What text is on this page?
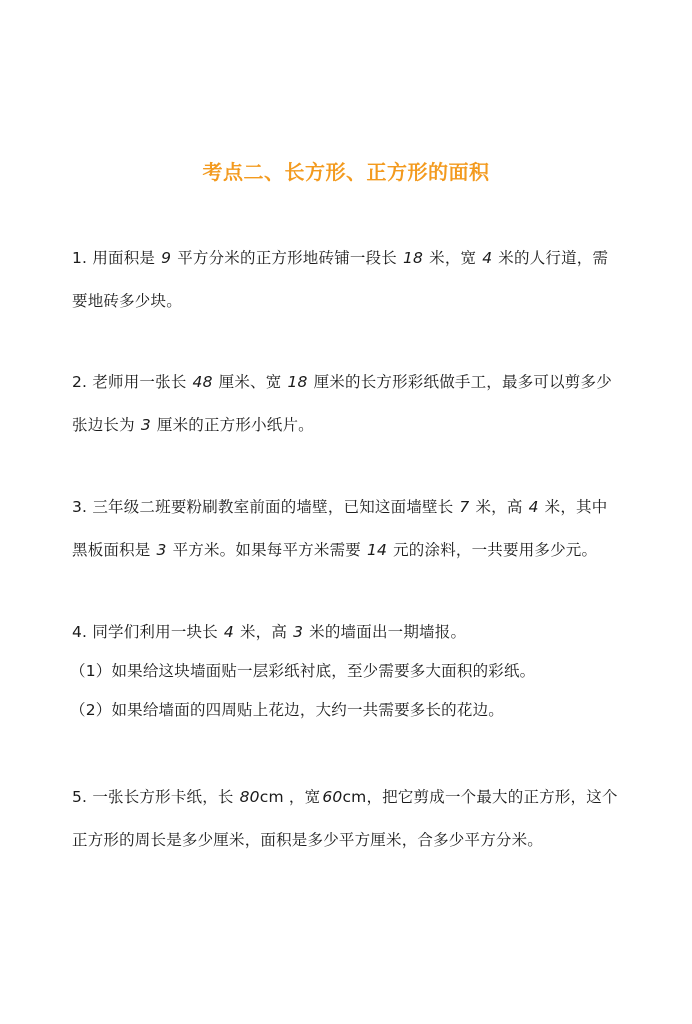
考点二、长方形、正方形的面积
1. 用面积是 9 平方分米的正方形地砖铺一段长 18 米，宽 4 米的人行道，需
要地砖多少块。
2. 老师用一张长 48 厘米、宽 18 厘米的长方形彩纸做手工，最多可以剪多少
张边长为 3 厘米的正方形小纸片。
3. 三年级二班要粉刷教室前面的墙壁，已知这面墙壁长 7 米，高 4 米，其中
黑板面积是 3 平方米。如果每平方米需要 14 元的涂料，一共要用多少元。
4. 同学们利用一块长 4 米，高 3 米的墙面出一期墙报。
（1）如果给这块墙面贴一层彩纸衬底，至少需要多大面积的彩纸。
（2）如果给墙面的四周贴上花边，大约一共需要多长的花边。
5. 一张长方形卡纸，长 80cm ，宽 60cm，把它剪成一个最大的正方形，这个
正方形的周长是多少厘米，面积是多少平方厘米，合多少平方分米。
